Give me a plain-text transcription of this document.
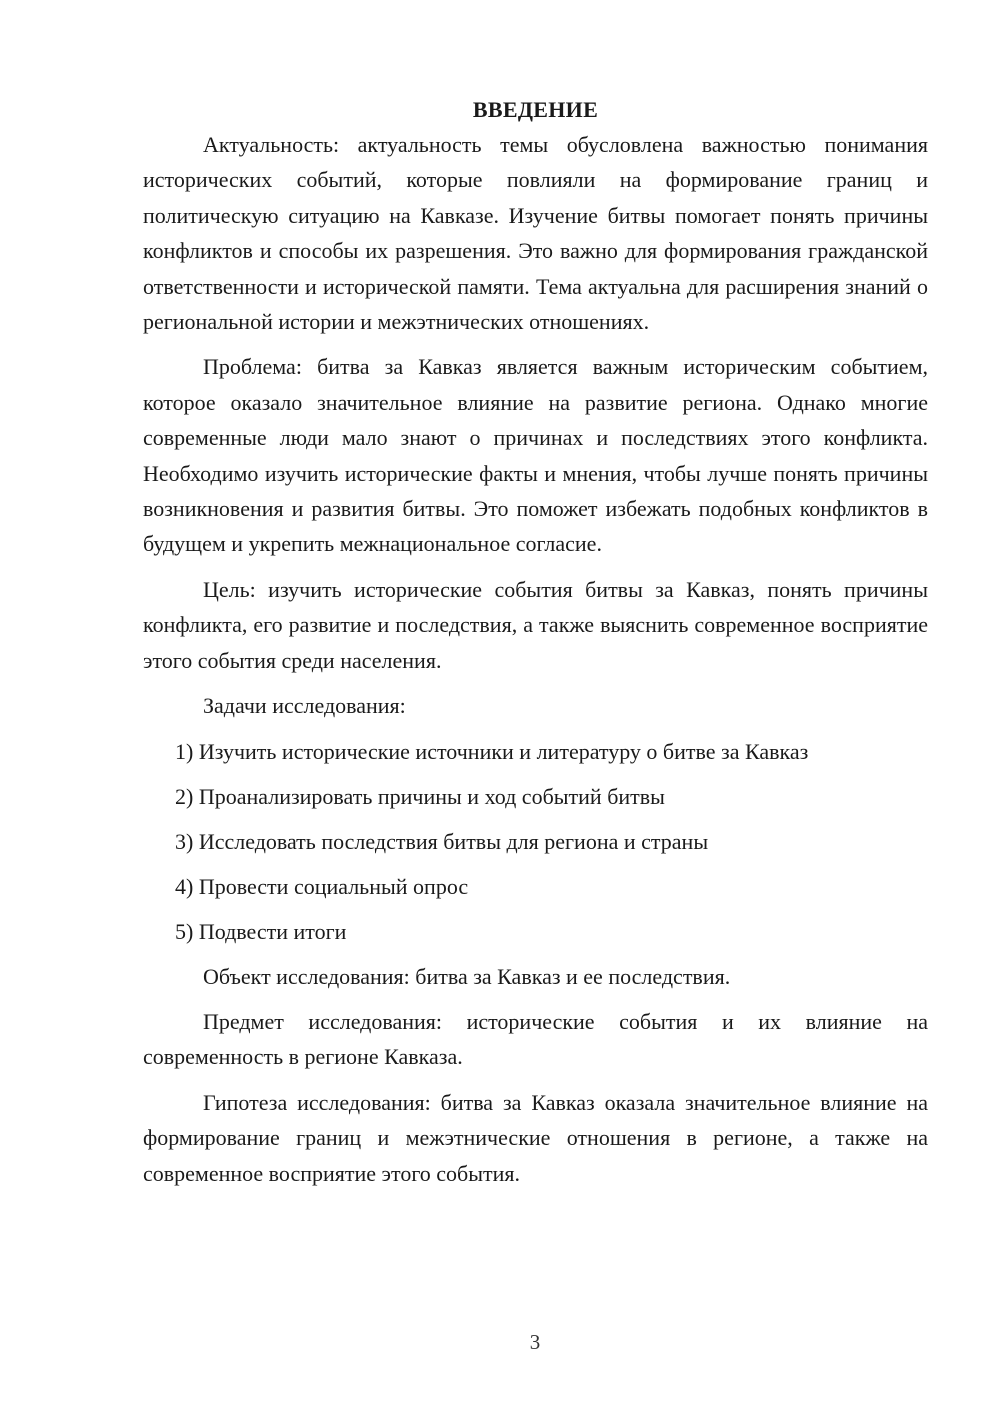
ВВЕДЕНИЕ

Актуальность: актуальность темы обусловлена важностью понимания исторических событий, которые повлияли на формирование границ и политическую ситуацию на Кавказе. Изучение битвы помогает понять причины конфликтов и способы их разрешения. Это важно для формирования гражданской ответственности и исторической памяти. Тема актуальна для расширения знаний о региональной истории и межэтнических отношениях.

Проблема: битва за Кавказ является важным историческим событием, которое оказало значительное влияние на развитие региона. Однако многие современные люди мало знают о причинах и последствиях этого конфликта. Необходимо изучить исторические факты и мнения, чтобы лучше понять причины возникновения и развития битвы. Это поможет избежать подобных конфликтов в будущем и укрепить межнациональное согласие.

Цель: изучить исторические события битвы за Кавказ, понять причины конфликта, его развитие и последствия, а также выяснить современное восприятие этого события среди населения.

Задачи исследования:

1) Изучить исторические источники и литературу о битве за Кавказ
2) Проанализировать причины и ход событий битвы
3) Исследовать последствия битвы для региона и страны
4) Провести социальный опрос
5) Подвести итоги

Объект исследования: битва за Кавказ и ее последствия.

Предмет исследования: исторические события и их влияние на современность в регионе Кавказа.

Гипотеза исследования: битва за Кавказ оказала значительное влияние на формирование границ и межэтнические отношения в регионе, а также на современное восприятие этого события.

3
